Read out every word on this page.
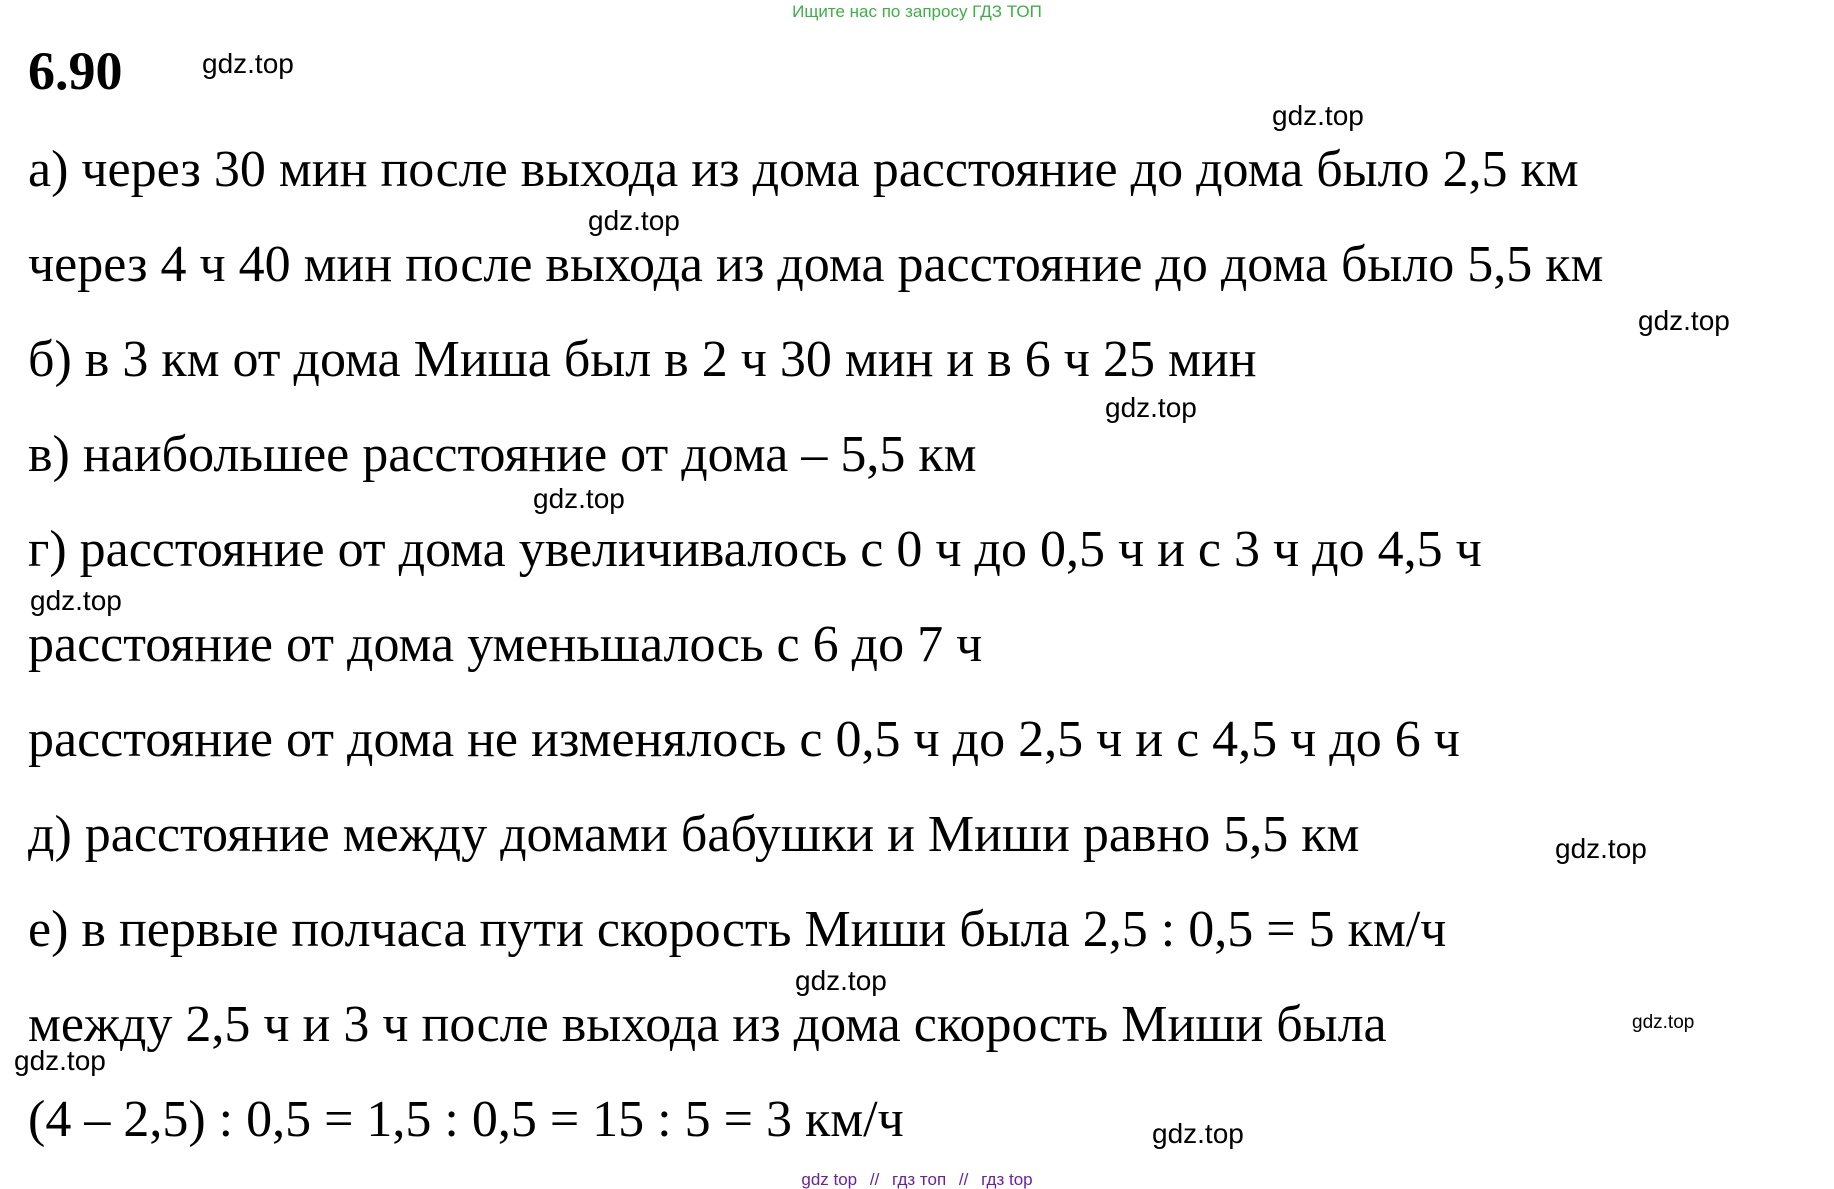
Ищите нас по запросу ГДЗ ТОП
6.90
а) через 30 мин после выхода из дома расстояние до дома было 2,5 км
через 4 ч 40 мин после выхода из дома расстояние до дома было 5,5 км
б) в 3 км от дома Миша был в 2 ч 30 мин и в 6 ч 25 мин
в) наибольшее расстояние от дома – 5,5 км
г) расстояние от дома увеличивалось с 0 ч до 0,5 ч и с 3 ч до 4,5 ч
расстояние от дома уменьшалось с 6 до 7 ч
расстояние от дома не изменялось с 0,5 ч до 2,5 ч и с 4,5 ч до 6 ч
д) расстояние между домами бабушки и Миши равно 5,5 км
е) в первые полчаса пути скорость Миши была 2,5 : 0,5 = 5 км/ч
между 2,5 ч и 3 ч после выхода из дома скорость Миши была
(4 – 2,5) : 0,5 = 1,5 : 0,5 = 15 : 5 = 3 км/ч
gdz.top
gdz.top
gdz.top
gdz.top
gdz.top
gdz.top
gdz.top
gdz.top
gdz.top
gdz.top
gdz.top
gdz.top
gdz top // гдз топ // гдз top
